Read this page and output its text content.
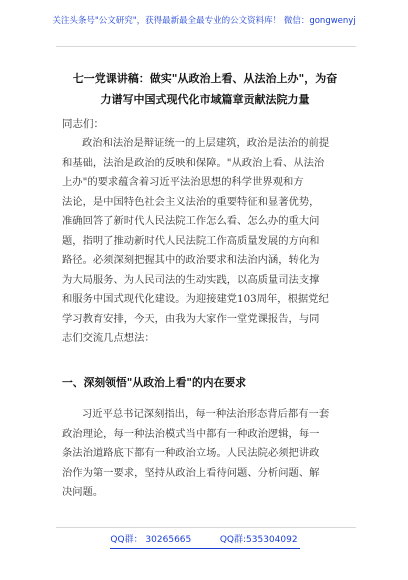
关注头条号"公文研究"，获得最新最全最专业的公文资料库！ 微信：gongwenyj
七一党课讲稿：做实"从政治上看、从法治上办"，为奋
力谱写中国式现代化市域篇章贡献法院力量
同志们：
政治和法治是辩证统一的上层建筑，政治是法治的前提
和基础，法治是政治的反映和保障。"从政治上看、从法治
上办"的要求蕴含着习近平法治思想的科学世界观和方
法论，是中国特色社会主义法治的重要特征和显著优势，
准确回答了新时代人民法院工作怎么看、怎么办的重大问
题，指明了推动新时代人民法院工作高质量发展的方向和
路径。必须深刻把握其中的政治要求和法治内涵，转化为
为大局服务、为人民司法的生动实践，以高质量司法支撑
和服务中国式现代化建设。为迎接建党103周年，根据党纪
学习教育安排，今天，由我为大家作一堂党课报告，与同
志们交流几点想法：
一、深刻领悟"从政治上看"的内在要求
习近平总书记深刻指出，每一种法治形态背后都有一套
政治理论，每一种法治模式当中都有一种政治逻辑，每一
条法治道路底下都有一种政治立场。人民法院必须把讲政
治作为第一要求，坚持从政治上看待问题、分析问题、解
决问题。
QQ群： 30265665          QQ群:535304092
